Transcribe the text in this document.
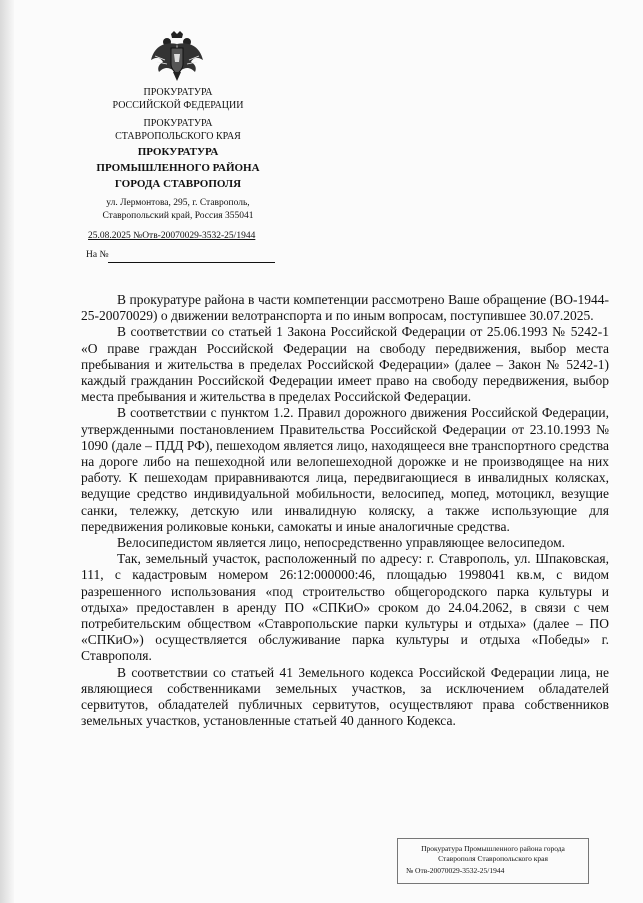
ПРОКУРАТУРА

РОССИЙСКОЙ ФЕДЕРАЦИИ

ПРОКУРАТУРА

СТАВРОПОЛЬСКОГО КРАЯ

ПРОКУРАТУРА

ПРОМЫШЛЕННОГО РАЙОНА

ГОРОДА СТАВРОПОЛЯ

ул. Лермонтова, 295, г. Ставрополь,
Ставропольский край, Россия 355041
25.08.2025 №Отв-20070029-3532-25/1944
На №

В прокуратуре района в части компетенции рассмотрено Ваше обращение (ВО-1944-25-20070029) о движении велотранспорта и по иным вопросам, поступившее 30.07.2025.

В соответствии со статьей 1 Закона Российской Федерации от 25.06.1993 № 5242-1 «О праве граждан Российской Федерации на свободу передвижения, выбор места пребывания и жительства в пределах Российской Федерации» (далее – Закон № 5242-1) каждый гражданин Российской Федерации имеет право на свободу передвижения, выбор места пребывания и жительства в пределах Российской Федерации.

В соответствии с пунктом 1.2. Правил дорожного движения Российской Федерации, утвержденными постановлением Правительства Российской Федерации от 23.10.1993 № 1090 (дале – ПДД РФ), пешеходом является лицо, находящееся вне транспортного средства на дороге либо на пешеходной или велопешеходной дорожке и не производящее на них работу. К пешеходам приравниваются лица, передвигающиеся в инвалидных колясках, ведущие средство индивидуальной мобильности, велосипед, мопед, мотоцикл, везущие санки, тележку, детскую или инвалидную коляску, а также использующие для передвижения роликовые коньки, самокаты и иные аналогичные средства.

Велосипедистом является лицо, непосредственно управляющее велосипедом.

Так, земельный участок, расположенный по адресу: г. Ставрополь, ул. Шпаковская, 111, с кадастровым номером 26:12:000000:46, площадью 1998041 кв.м, с видом разрешенного использования «под строительство общегородского парка культуры и отдыха» предоставлен в аренду ПО «СПКиО» сроком до 24.04.2062, в связи с чем потребительским обществом «Ставропольские парки культуры и отдыха» (далее – ПО «СПКиО») осуществляется обслуживание парка культуры и отдыха «Победы» г. Ставрополя.

В соответствии со статьей 41 Земельного кодекса Российской Федерации лица, не являющиеся собственниками земельных участков, за исключением обладателей сервитутов, обладателей публичных сервитутов, осуществляют права собственников земельных участков, установленные статьей 40 данного Кодекса.

Прокуратура Промышленного района города
Ставрополя Ставропольского края
№ Отв-20070029-3532-25/1944
